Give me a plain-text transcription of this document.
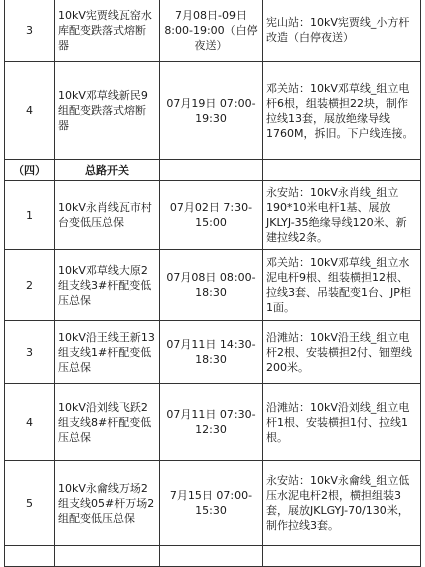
3	10kV宪贾线瓦窑水库配变跌落式熔断器	7月08日-09日8:00-19:00（白停夜送）	宪山站：10kV宪贾线_小方杆改造（白停夜送）
4	10kV邓草线新民9组配变跌落式熔断器	07月19日 07:00-19:30	邓关站：10kV邓草线_组立电杆6根，组装横担22块，制作拉线13套，展放绝缘导线1760M，拆旧。下户线连接。
（四）	总路开关		
1	10kV永肖线瓦市村台变低压总保	07月02日 7:30-15:00	永安站：10kV永肖线_组立190*10米电杆1基、展放JKLYJ-35绝缘导线120米、新建拉线2条。
2	10kV邓草线大原2组支线3#杆配变低压总保	07月08日 08:00-18:30	邓关站：10kV邓草线_组立水泥电杆9根、组装横担12根、拉线3套、吊装配变1台、JP柜1面。
3	10kV沿王线王新13组支线1#杆配变低压总保	07月11日 14:30-18:30	沿滩站：10kV沿王线_组立电杆2根、安装横担2付、钿塑线200米。
4	10kV沿刘线飞跃2组支线8#杆配变低压总保	07月11日 07:30-12:30	沿滩站：10kV沿刘线_组立电杆1根、安装横担1付、拉线1根。
5	10kV永龠线万场2组支线05#杆万场2组配变低压总保	7月15日 07:00-15:30	永安站：10kV永龠线_组立低压水泥电杆2根，横担组装3套，展放JKLGYJ-70/130米，制作拉线3套。
